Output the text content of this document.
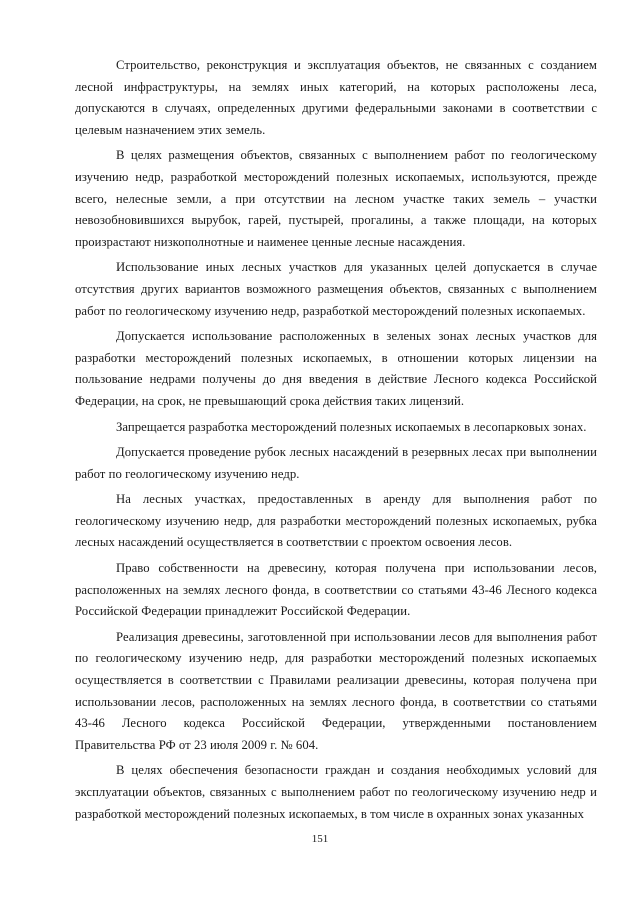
Строительство, реконструкция и эксплуатация объектов, не связанных с созданием лесной инфраструктуры, на землях иных категорий, на которых расположены леса, допускаются в случаях, определенных другими федеральными законами в соответствии с целевым назначением этих земель.

В целях размещения объектов, связанных с выполнением работ по геологическому изучению недр, разработкой месторождений полезных ископаемых, используются, прежде всего, нелесные земли, а при отсутствии на лесном участке таких земель – участки невозобновившихся вырубок, гарей, пустырей, прогалины, а также площади, на которых произрастают низкополнотные и наименее ценные лесные насаждения.

Использование иных лесных участков для указанных целей допускается в случае отсутствия других вариантов возможного размещения объектов, связанных с выполнением работ по геологическому изучению недр, разработкой месторождений полезных ископаемых.

Допускается использование расположенных в зеленых зонах лесных участков для разработки месторождений полезных ископаемых, в отношении которых лицензии на пользование недрами получены до дня введения в действие Лесного кодекса Российской Федерации, на срок, не превышающий срока действия таких лицензий.

Запрещается разработка месторождений полезных ископаемых в лесопарковых зонах.

Допускается проведение рубок лесных насаждений в резервных лесах при выполнении работ по геологическому изучению недр.

На лесных участках, предоставленных в аренду для выполнения работ по геологическому изучению недр, для разработки месторождений полезных ископаемых, рубка лесных насаждений осуществляется в соответствии с проектом освоения лесов.

Право собственности на древесину, которая получена при использовании лесов, расположенных на землях лесного фонда, в соответствии со статьями 43-46 Лесного кодекса Российской Федерации принадлежит Российской Федерации.

Реализация древесины, заготовленной при использовании лесов для выполнения работ по геологическому изучению недр, для разработки месторождений полезных ископаемых осуществляется в соответствии с Правилами реализации древесины, которая получена при использовании лесов, расположенных на землях лесного фонда, в соответствии со статьями 43-46 Лесного кодекса Российской Федерации, утвержденными постановлением Правительства РФ от 23 июля 2009 г. № 604.

В целях обеспечения безопасности граждан и создания необходимых условий для эксплуатации объектов, связанных с выполнением работ по геологическому изучению недр и разработкой месторождений полезных ископаемых, в том числе в охранных зонах указанных

151
